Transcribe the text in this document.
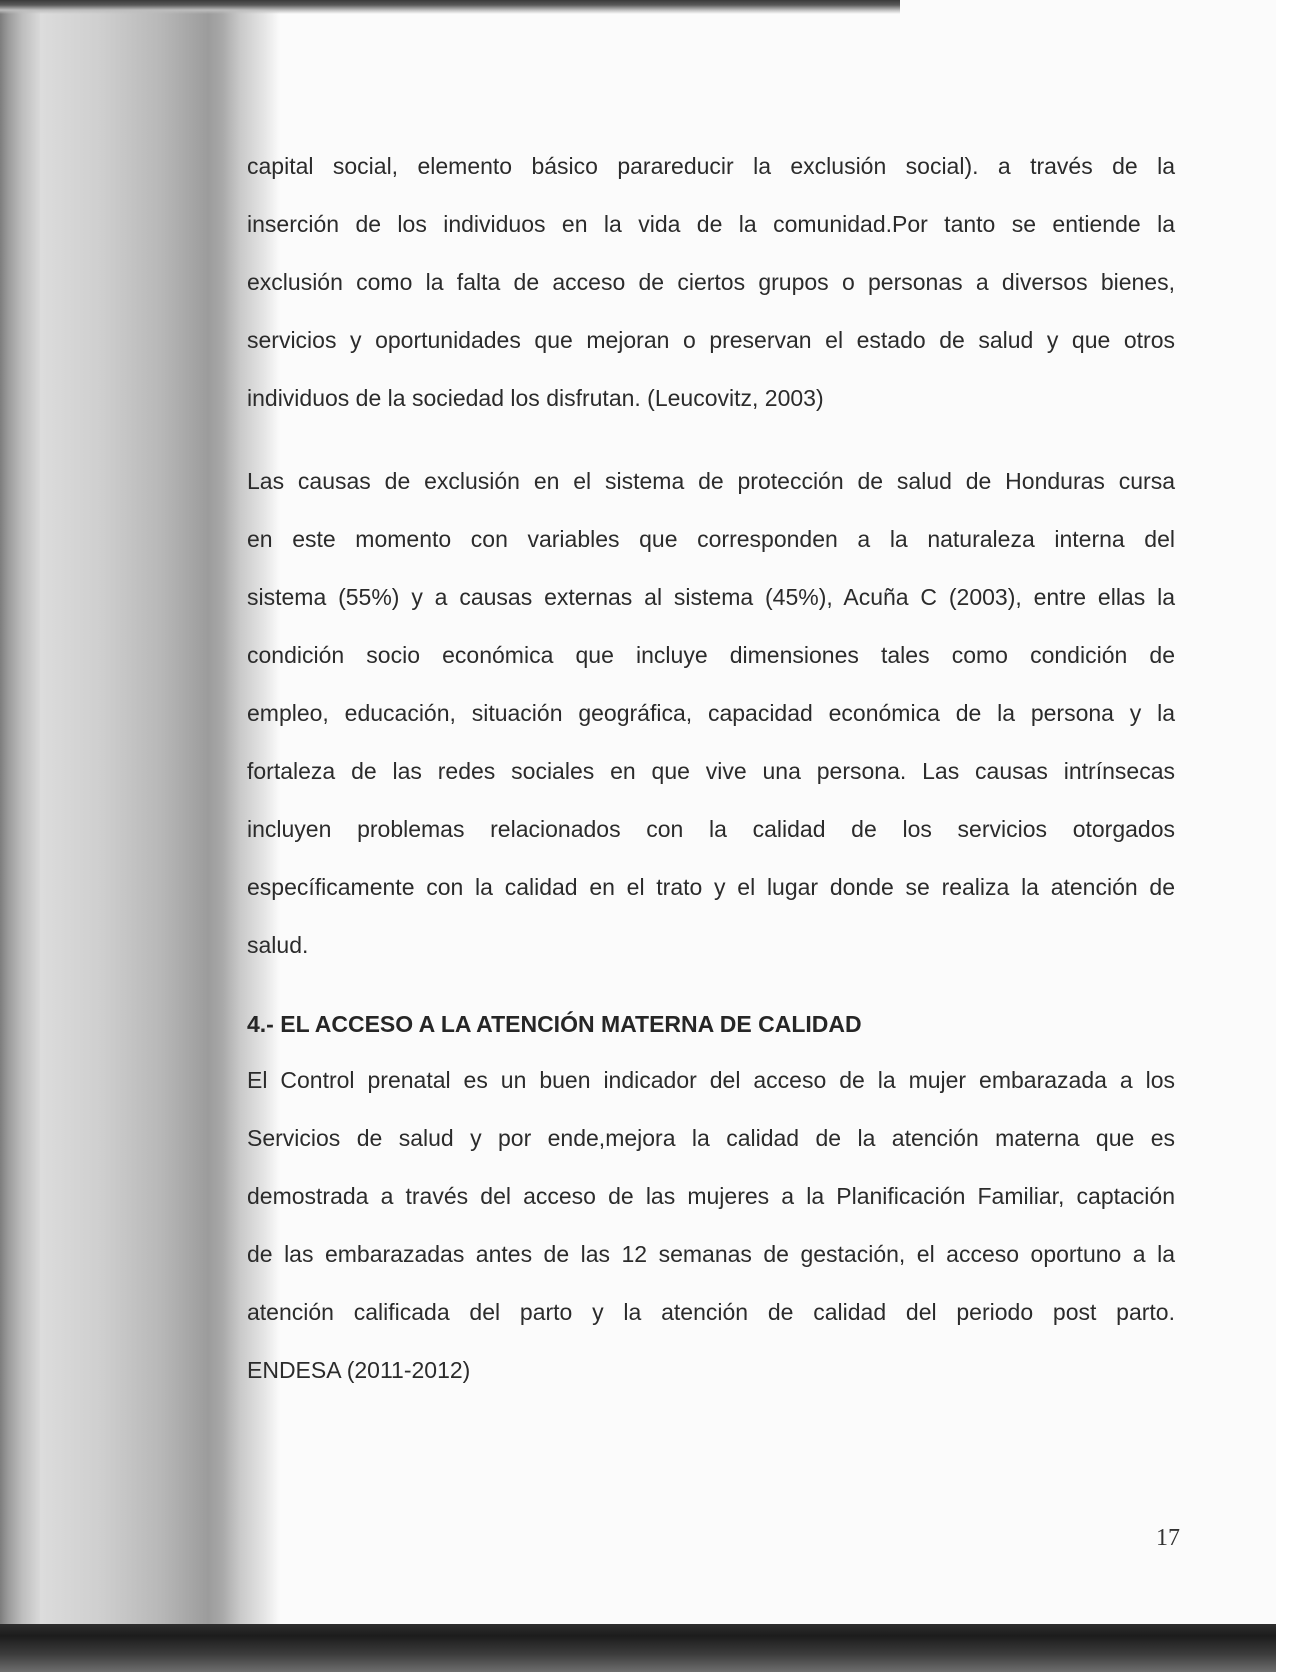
capital social, elemento básico parareducir la exclusión social). a través de la
inserción de los individuos en la vida de la comunidad.Por tanto se entiende la
exclusión como la falta de acceso de ciertos grupos o personas a diversos bienes,
servicios y oportunidades que mejoran o preservan el estado de salud y que otros
individuos de la sociedad los disfrutan. (Leucovitz, 2003)
Las causas de exclusión en el sistema de protección de salud de Honduras cursa
en este momento con variables que corresponden a la naturaleza interna del
sistema (55%) y a causas externas al sistema (45%), Acuña C (2003), entre ellas la
condición socio económica que incluye dimensiones tales como condición de
empleo, educación, situación geográfica, capacidad económica de la persona y la
fortaleza de las redes sociales en que vive una persona. Las causas intrínsecas
incluyen problemas relacionados con la calidad de los servicios otorgados
específicamente con la calidad en el trato y el lugar donde se realiza la atención de
salud.
4.- EL ACCESO A LA ATENCIÓN MATERNA DE CALIDAD
El Control prenatal es un buen indicador del acceso de la mujer embarazada a los
Servicios de salud y por ende,mejora la calidad de la atención materna que es
demostrada a través del acceso de las mujeres a la Planificación Familiar, captación
de las embarazadas antes de las 12 semanas de gestación, el acceso oportuno a la
atención calificada del parto y la atención de calidad del periodo post parto.
ENDESA (2011-2012)
17
